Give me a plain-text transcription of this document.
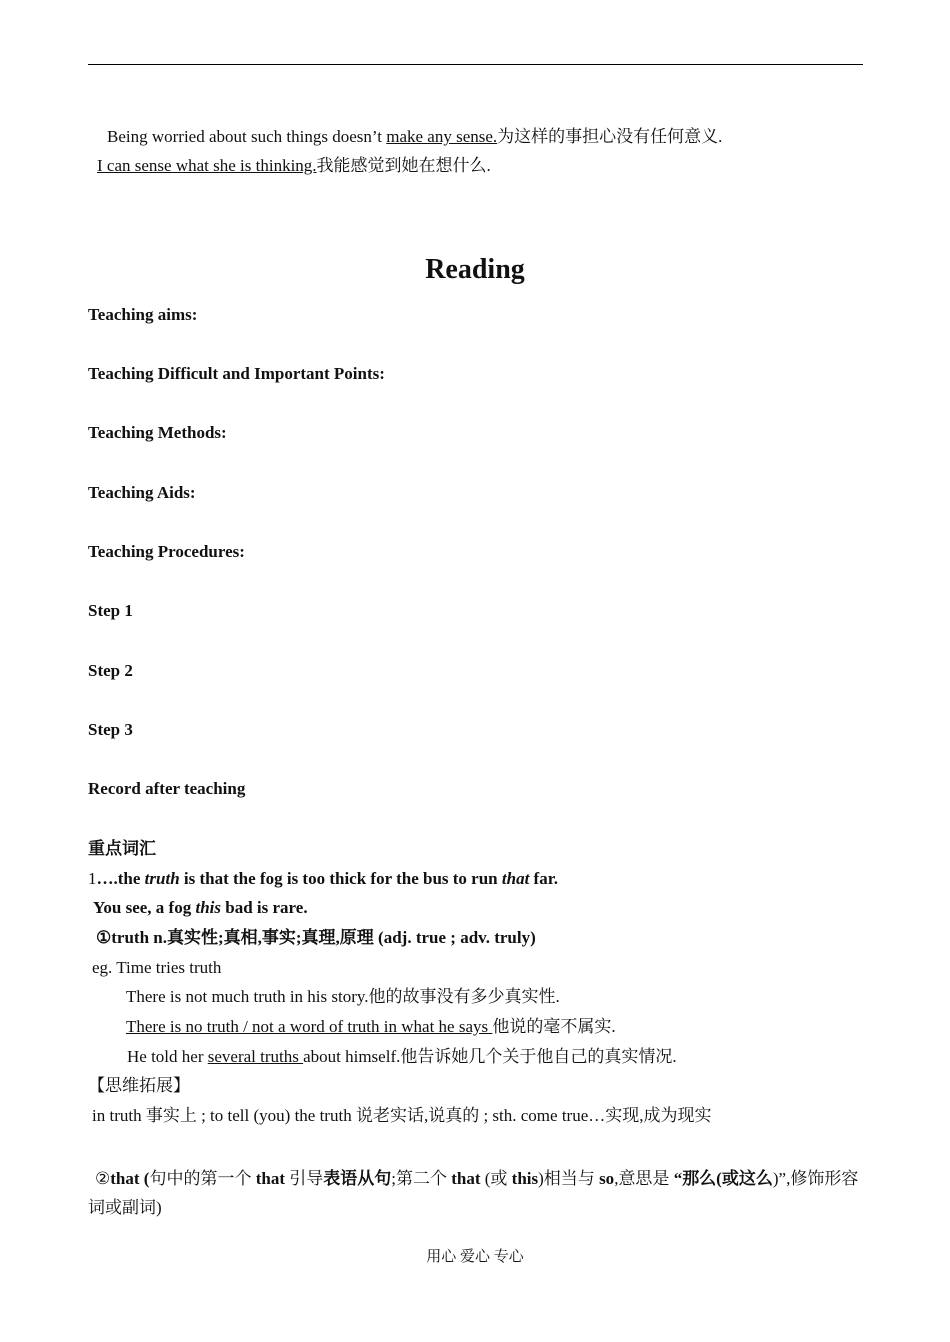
Being worried about such things doesn’t make any sense.为这样的事担心没有任何意义.
I can sense what she is thinking.我能感觉到她在想什么.
Reading
Teaching aims:
Teaching Difficult and Important Points:
Teaching Methods:
Teaching Aids:
Teaching Procedures:
Step 1
Step 2
Step 3
Record after teaching
重点词汇
1….the truth is that the fog is too thick for the bus to run that far.
You see, a fog this bad is rare.
①truth n.真实性;真相,事实;真理,原理 (adj. true ; adv. truly)
eg. Time tries truth
There is not much truth in his story.他的故事没有多少真实性.
There is no truth / not a word of truth in what he says 他说的毫不属实.
He told her several truths about himself.他告诉她几个关于他自己的真实情况.
【思维拓展】
in truth 事实上 ; to tell (you) the truth 说老实话,说真的 ; sth. come true…实现,成为现实
②that (句中的第一个 that 引导表语从句;第二个 that (或 this)相当与 so,意思是 “那么(或这么)”,修饰形容词或副词)
用心 爱心 专心
